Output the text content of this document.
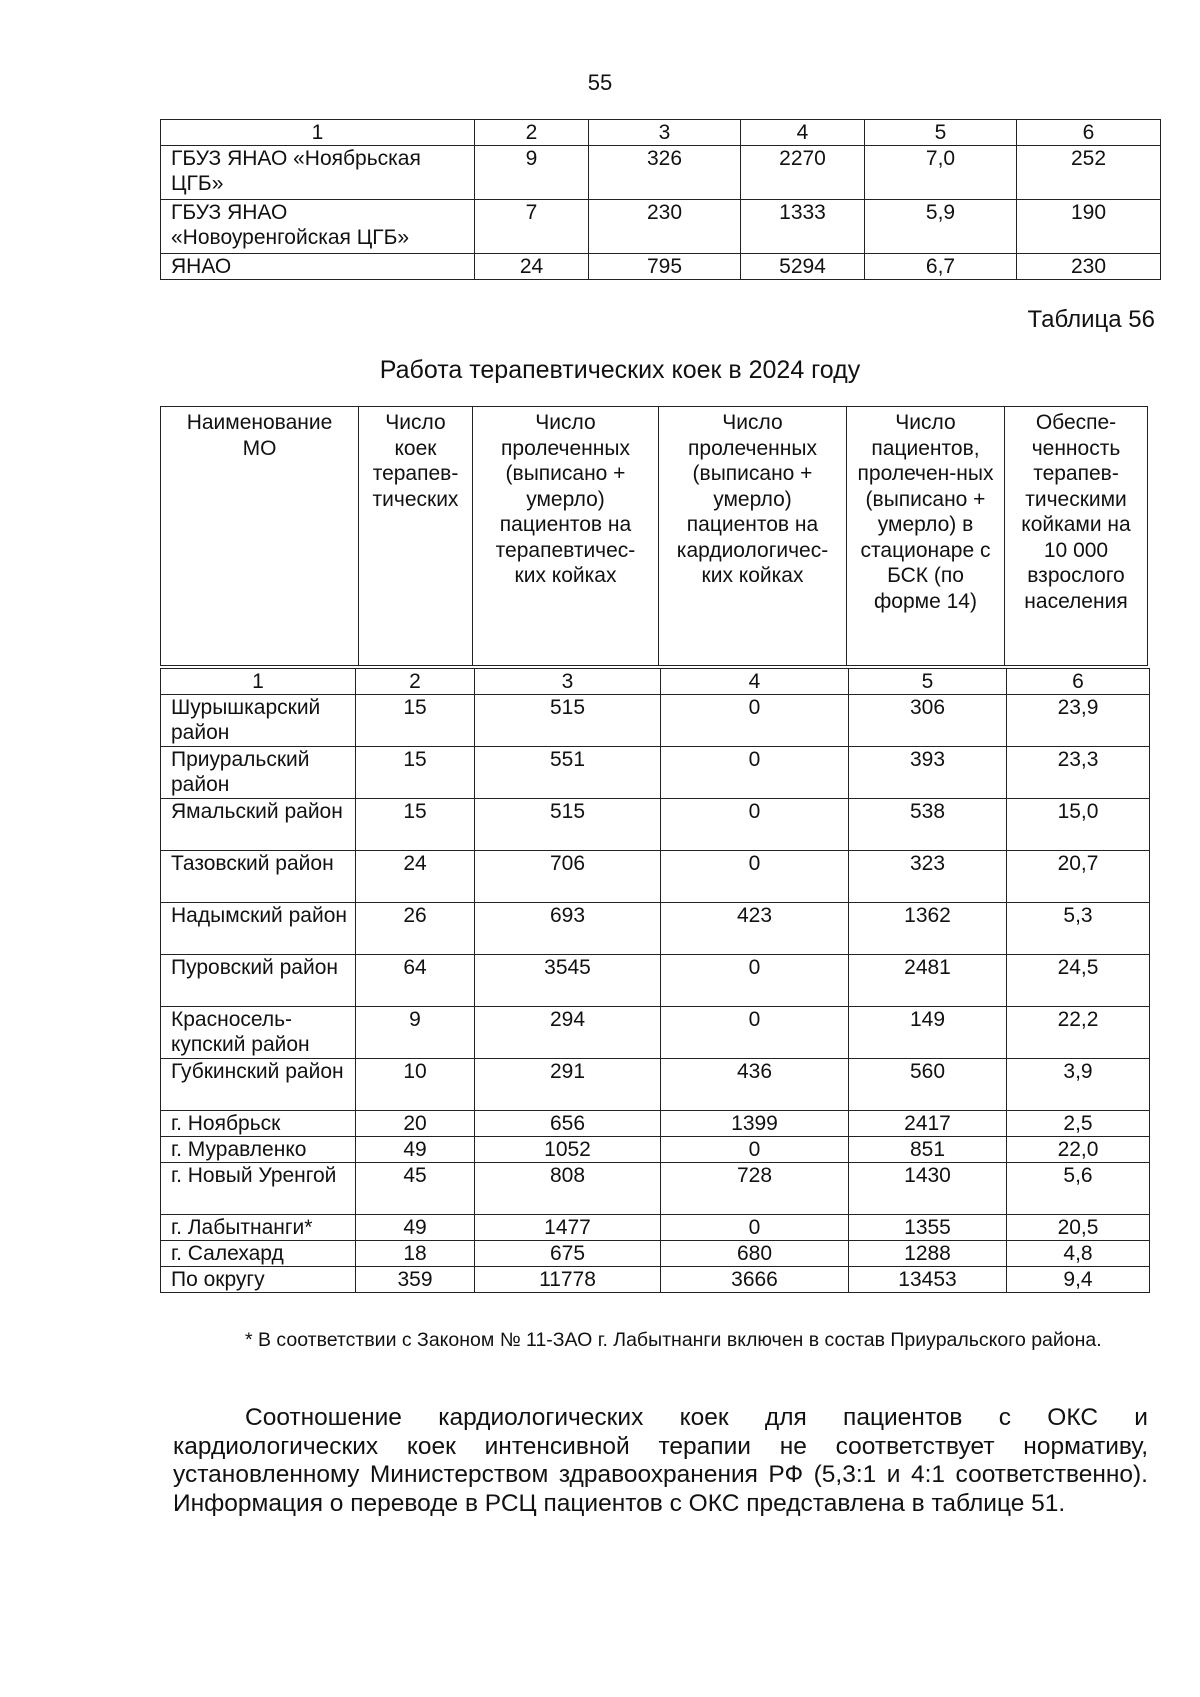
55
1	2	3	4	5	6
ГБУЗ ЯНАО «Ноябрьская ЦГБ»	9	326	2270	7,0	252
ГБУЗ ЯНАО «Новоуренгойская ЦГБ»	7	230	1333	5,9	190
ЯНАО	24	795	5294	6,7	230
Таблица 56
Работа терапевтических коек в 2024 году
Наименование МО	Число коек терапев-тических	Число пролеченных (выписано + умерло) пациентов на терапевтичес-ких койках	Число пролеченных (выписано + умерло) пациентов на кардиологичес-ких койках	Число пациентов, пролечен-ных (выписано + умерло) в стационаре с БСК (по форме 14)	Обеспе-ченность терапев-тическими койками на 10 000 взрослого населения
1	2	3	4	5	6
Шурышкарский район	15	515	0	306	23,9
Приуральский район	15	551	0	393	23,3
Ямальский район	15	515	0	538	15,0
Тазовский район	24	706	0	323	20,7
Надымский район	26	693	423	1362	5,3
Пуровский район	64	3545	0	2481	24,5
Красносель-купский район	9	294	0	149	22,2
Губкинский район	10	291	436	560	3,9
г. Ноябрьск	20	656	1399	2417	2,5
г. Муравленко	49	1052	0	851	22,0
г. Новый Уренгой	45	808	728	1430	5,6
г. Лабытнанги*	49	1477	0	1355	20,5
г. Салехард	18	675	680	1288	4,8
По округу	359	11778	3666	13453	9,4
* В соответствии с Законом № 11-ЗАО г. Лабытнанги включен в состав Приуральского района.
Соотношение кардиологических коек для пациентов с ОКС и кардиологических коек интенсивной терапии не соответствует нормативу, установленному Министерством здравоохранения РФ (5,3:1 и 4:1 соответственно). Информация о переводе в РСЦ пациентов с ОКС представлена в таблице 51.
